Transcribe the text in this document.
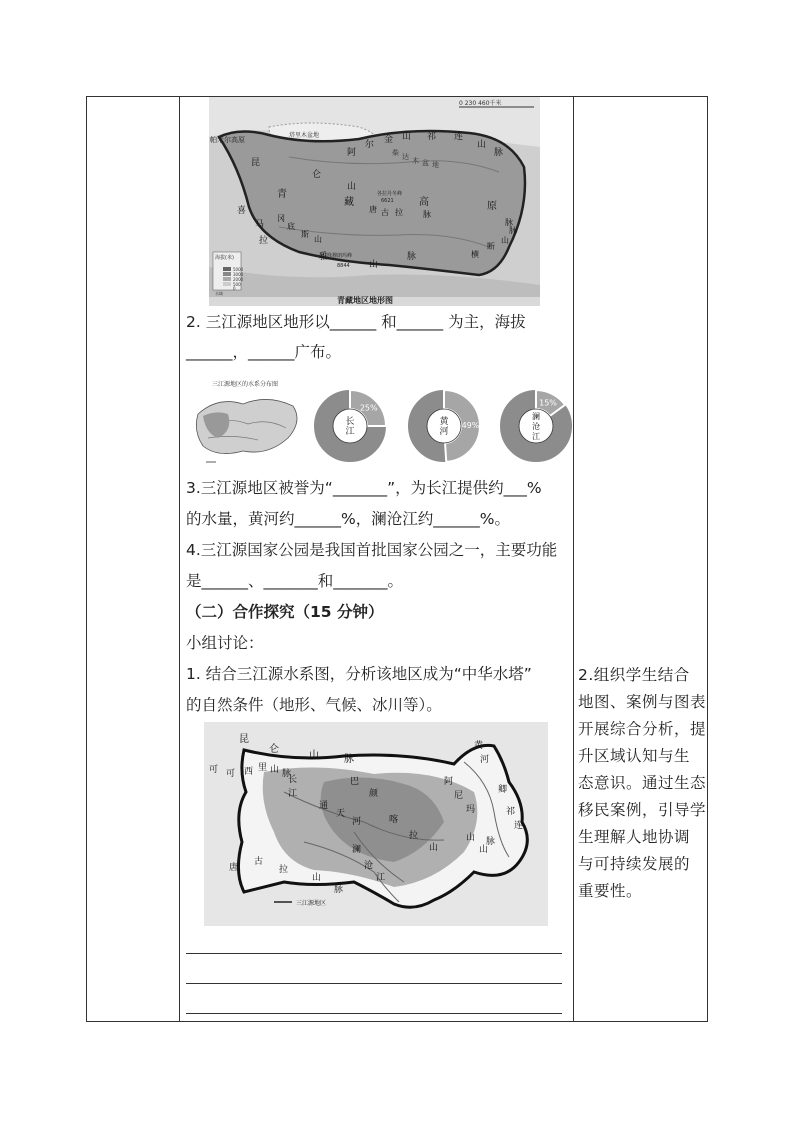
海拔(米)
5000
3000
2000
500
0
水域
0 230 460千米
帕米尔高原
塔里木盆地
昆
仑
山
阿
尔 金 山 祁 连
山
脉
柴 达 木 盆 地
青
藏	高	原
喜
马
拉
雅
山
脉
冈
底
斯
山
唐 古 拉	脉
横
断
山
脉
脉
各拉丹冬峰
6621
珠穆朗玛峰
8844
青藏地区地形图
2. 三江源地区地形以______ 和______ 为主，海拔
______，______广布。
三江源地区的水系分布图
25%
长
江
49%
黄
河
15%
澜
沧
江
3.三江源地区被誉为“_______”，为长江提供约___%
的水量，黄河约______%，澜沧江约______%。
4.三江源国家公园是我国首批国家公园之一，主要功能
是______、_______和_______。
（二）合作探究（15 分钟）
小组讨论：
1. 结合三江源水系图，分析该地区成为“中华水塔”
的自然条件（地形、气候、冰川等）。
三江源地区
昆
仑
山	脉
可 可 西 里 山 脉
巴
颜
喀
拉
山
唐
古
拉
山
脉
长
江
通
天
河
澜
沧
江
黄
河
阿
尼
玛
卿
山
祁
连
山
脉
2.组织学生结合
地图、案例与图表
开展综合分析，提
升区域认知与生
态意识。通过生态
移民案例，引导学
生理解人地协调
与可持续发展的
重要性。
